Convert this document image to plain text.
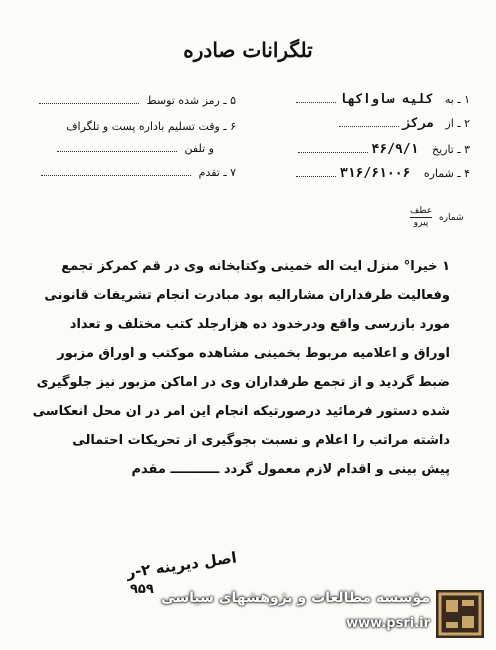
تلگرانات صادره
۱ ـ به کلیه ساواکها
۲ ـ از مرکز
۳ ـ تاریخ ۴۶/۹/۱
۴ ـ شماره ۳۱۶/۶۱۰۰۶
۵ ـ رمز شده توسط
۶ ـ وقت تسلیم باداره پست و تلگراف
و تلفن
۷ ـ تقدم
شماره
عطف
پیرو
۱ خیرا° منزل ایت اله خمینی وکتابخانه وی در قم کمرکز تجمع
وفعالیت طرفداران مشارالیه بود مبادرت انجام تشریفات قانونی
مورد بازرسی واقع ودرخدود ده هزارجلد کتب مختلف و تعداد
اوراق و اعلامیه مربوط بخمینی مشاهده موکتب و اوراق مزبور
ضبط گردید و از تجمع طرفداران وی در اماکن مزبور نیز جلوگیری
شده دستور فرمائید درصورتیکه انجام این امر در ان محل انعکاسی
داشته مراتب را اعلام و نسبت بجوگیری از تحریکات احتمالی
پیش بینی و اقدام لازم معمول گردد ـــــــــــ مقدم
اصل دیرینه ۲-ر
۹۵۹
مؤسسه مطالعات و پژوهشهای سیاسی
www.psri.ir
